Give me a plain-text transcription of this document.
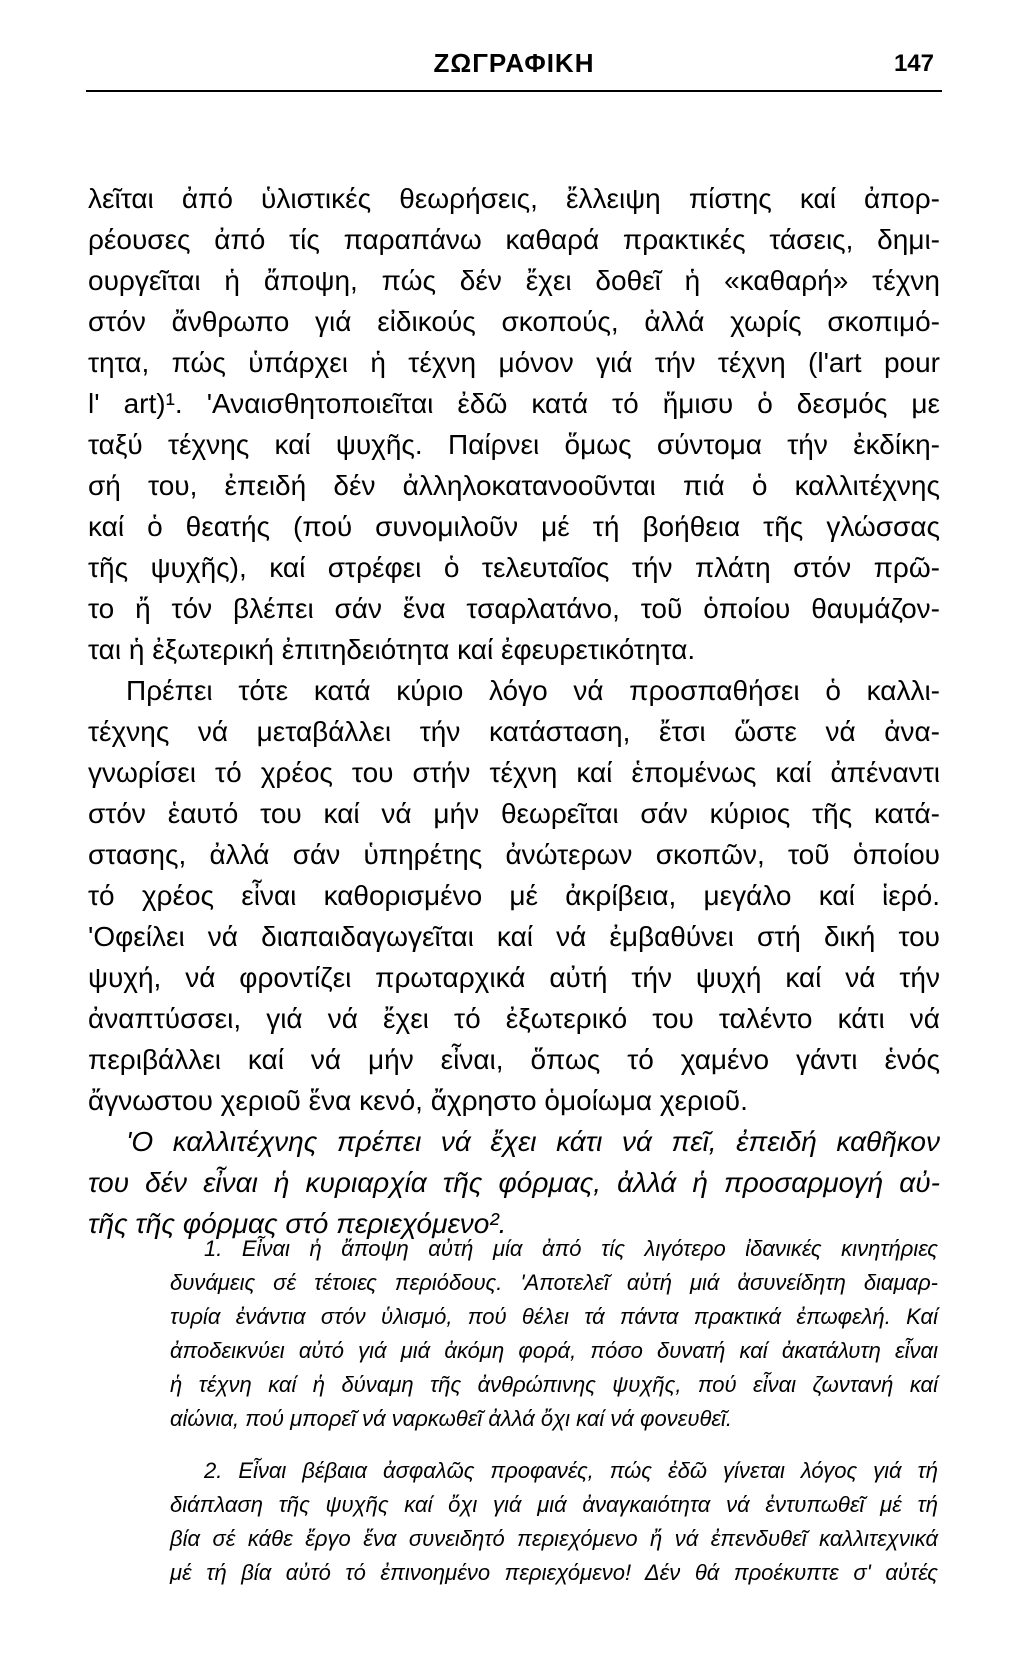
ΖΩΓΡΑΦΙΚΗ	147
λεῖται ἀπό ὑλιστικές θεωρήσεις, ἔλλειψη πίστης καί ἀπορ-
ρέουσες ἀπό τίς παραπάνω καθαρά πρακτικές τάσεις, δημι-
ουργεῖται ἡ ἄποψη, πώς δέν ἔχει δοθεῖ ἡ «καθαρή» τέχνη
στόν ἄνθρωπο γιά εἰδικούς σκοπούς, ἀλλά χωρίς σκοπιμό-
τητα, πώς ὑπάρχει ἡ τέχνη μόνον γιά τήν τέχνη (l'art pour
l' art)¹. 'Αναισθητοποιεῖται ἐδῶ κατά τό ἥμισυ ὁ δεσμός με
ταξύ τέχνης καί ψυχῆς. Παίρνει ὅμως σύντομα τήν ἐκδίκη-
σή του, ἐπειδή δέν ἀλληλοκατανοοῦνται πιά ὁ καλλιτέχνης
καί ὁ θεατής (πού συνομιλοῦν μέ τή βοήθεια τῆς γλώσσας
τῆς ψυχῆς), καί στρέφει ὁ τελευταῖος τήν πλάτη στόν πρῶ-
το ἤ τόν βλέπει σάν ἕνα τσαρλατάνο, τοῦ ὁποίου θαυμάζον-
ται ἡ ἐξωτερική ἐπιτηδειότητα καί ἐφευρετικότητα.
Πρέπει τότε κατά κύριο λόγο νά προσπαθήσει ὁ καλλι-
τέχνης νά μεταβάλλει τήν κατάσταση, ἔτσι ὥστε νά ἀνα-
γνωρίσει τό χρέος του στήν τέχνη καί ἑπομένως καί ἀπέναντι
στόν ἑαυτό του καί νά μήν θεωρεῖται σάν κύριος τῆς κατά-
στασης, ἀλλά σάν ὑπηρέτης ἀνώτερων σκοπῶν, τοῦ ὁποίου
τό χρέος εἶναι καθορισμένο μέ ἀκρίβεια, μεγάλο καί ἱερό.
'Οφείλει νά διαπαιδαγωγεῖται καί νά ἐμβαθύνει στή δική του
ψυχή, νά φροντίζει πρωταρχικά αὐτή τήν ψυχή καί νά τήν
ἀναπτύσσει, γιά νά ἔχει τό ἐξωτερικό του ταλέντο κάτι νά
περιβάλλει καί νά μήν εἶναι, ὅπως τό χαμένο γάντι ἑνός
ἄγνωστου χεριοῦ ἕνα κενό, ἄχρηστο ὁμοίωμα χεριοῦ.
'Ο καλλιτέχνης πρέπει νά ἔχει κάτι νά πεῖ, ἐπειδή καθῆκον
του δέν εἶναι ἡ κυριαρχία τῆς φόρμας, ἀλλά ἡ προσαρμογή αὐ-
τῆς τῆς φόρμας στό περιεχόμενο².
1. Εἶναι ἡ ἄποψη αὐτή μία ἀπό τίς λιγότερο ἰδανικές κινητήριες
δυνάμεις σέ τέτοιες περιόδους. 'Αποτελεῖ αὐτή μιά ἀσυνείδητη διαμαρ-
τυρία ἐνάντια στόν ὑλισμό, πού θέλει τά πάντα πρακτικά ἐπωφελή. Καί
ἀποδεικνύει αὐτό γιά μιά ἀκόμη φορά, πόσο δυνατή καί ἀκατάλυτη εἶναι
ἡ τέχνη καί ἡ δύναμη τῆς ἀνθρώπινης ψυχῆς, πού εἶναι ζωντανή καί
αἰώνια, πού μπορεῖ νά ναρκωθεῖ ἀλλά ὄχι καί νά φονευθεῖ.
2. Εἶναι βέβαια ἀσφαλῶς προφανές, πώς ἐδῶ γίνεται λόγος γιά τή
διάπλαση τῆς ψυχῆς καί ὄχι γιά μιά ἀναγκαιότητα νά ἐντυπωθεῖ μέ τή
βία σέ κάθε ἔργο ἕνα συνειδητό περιεχόμενο ἤ νά ἐπενδυθεῖ καλλιτεχνικά
μέ τή βία αὐτό τό ἐπινοημένο περιεχόμενο! Δέν θά προέκυπτε σ' αὐτές
